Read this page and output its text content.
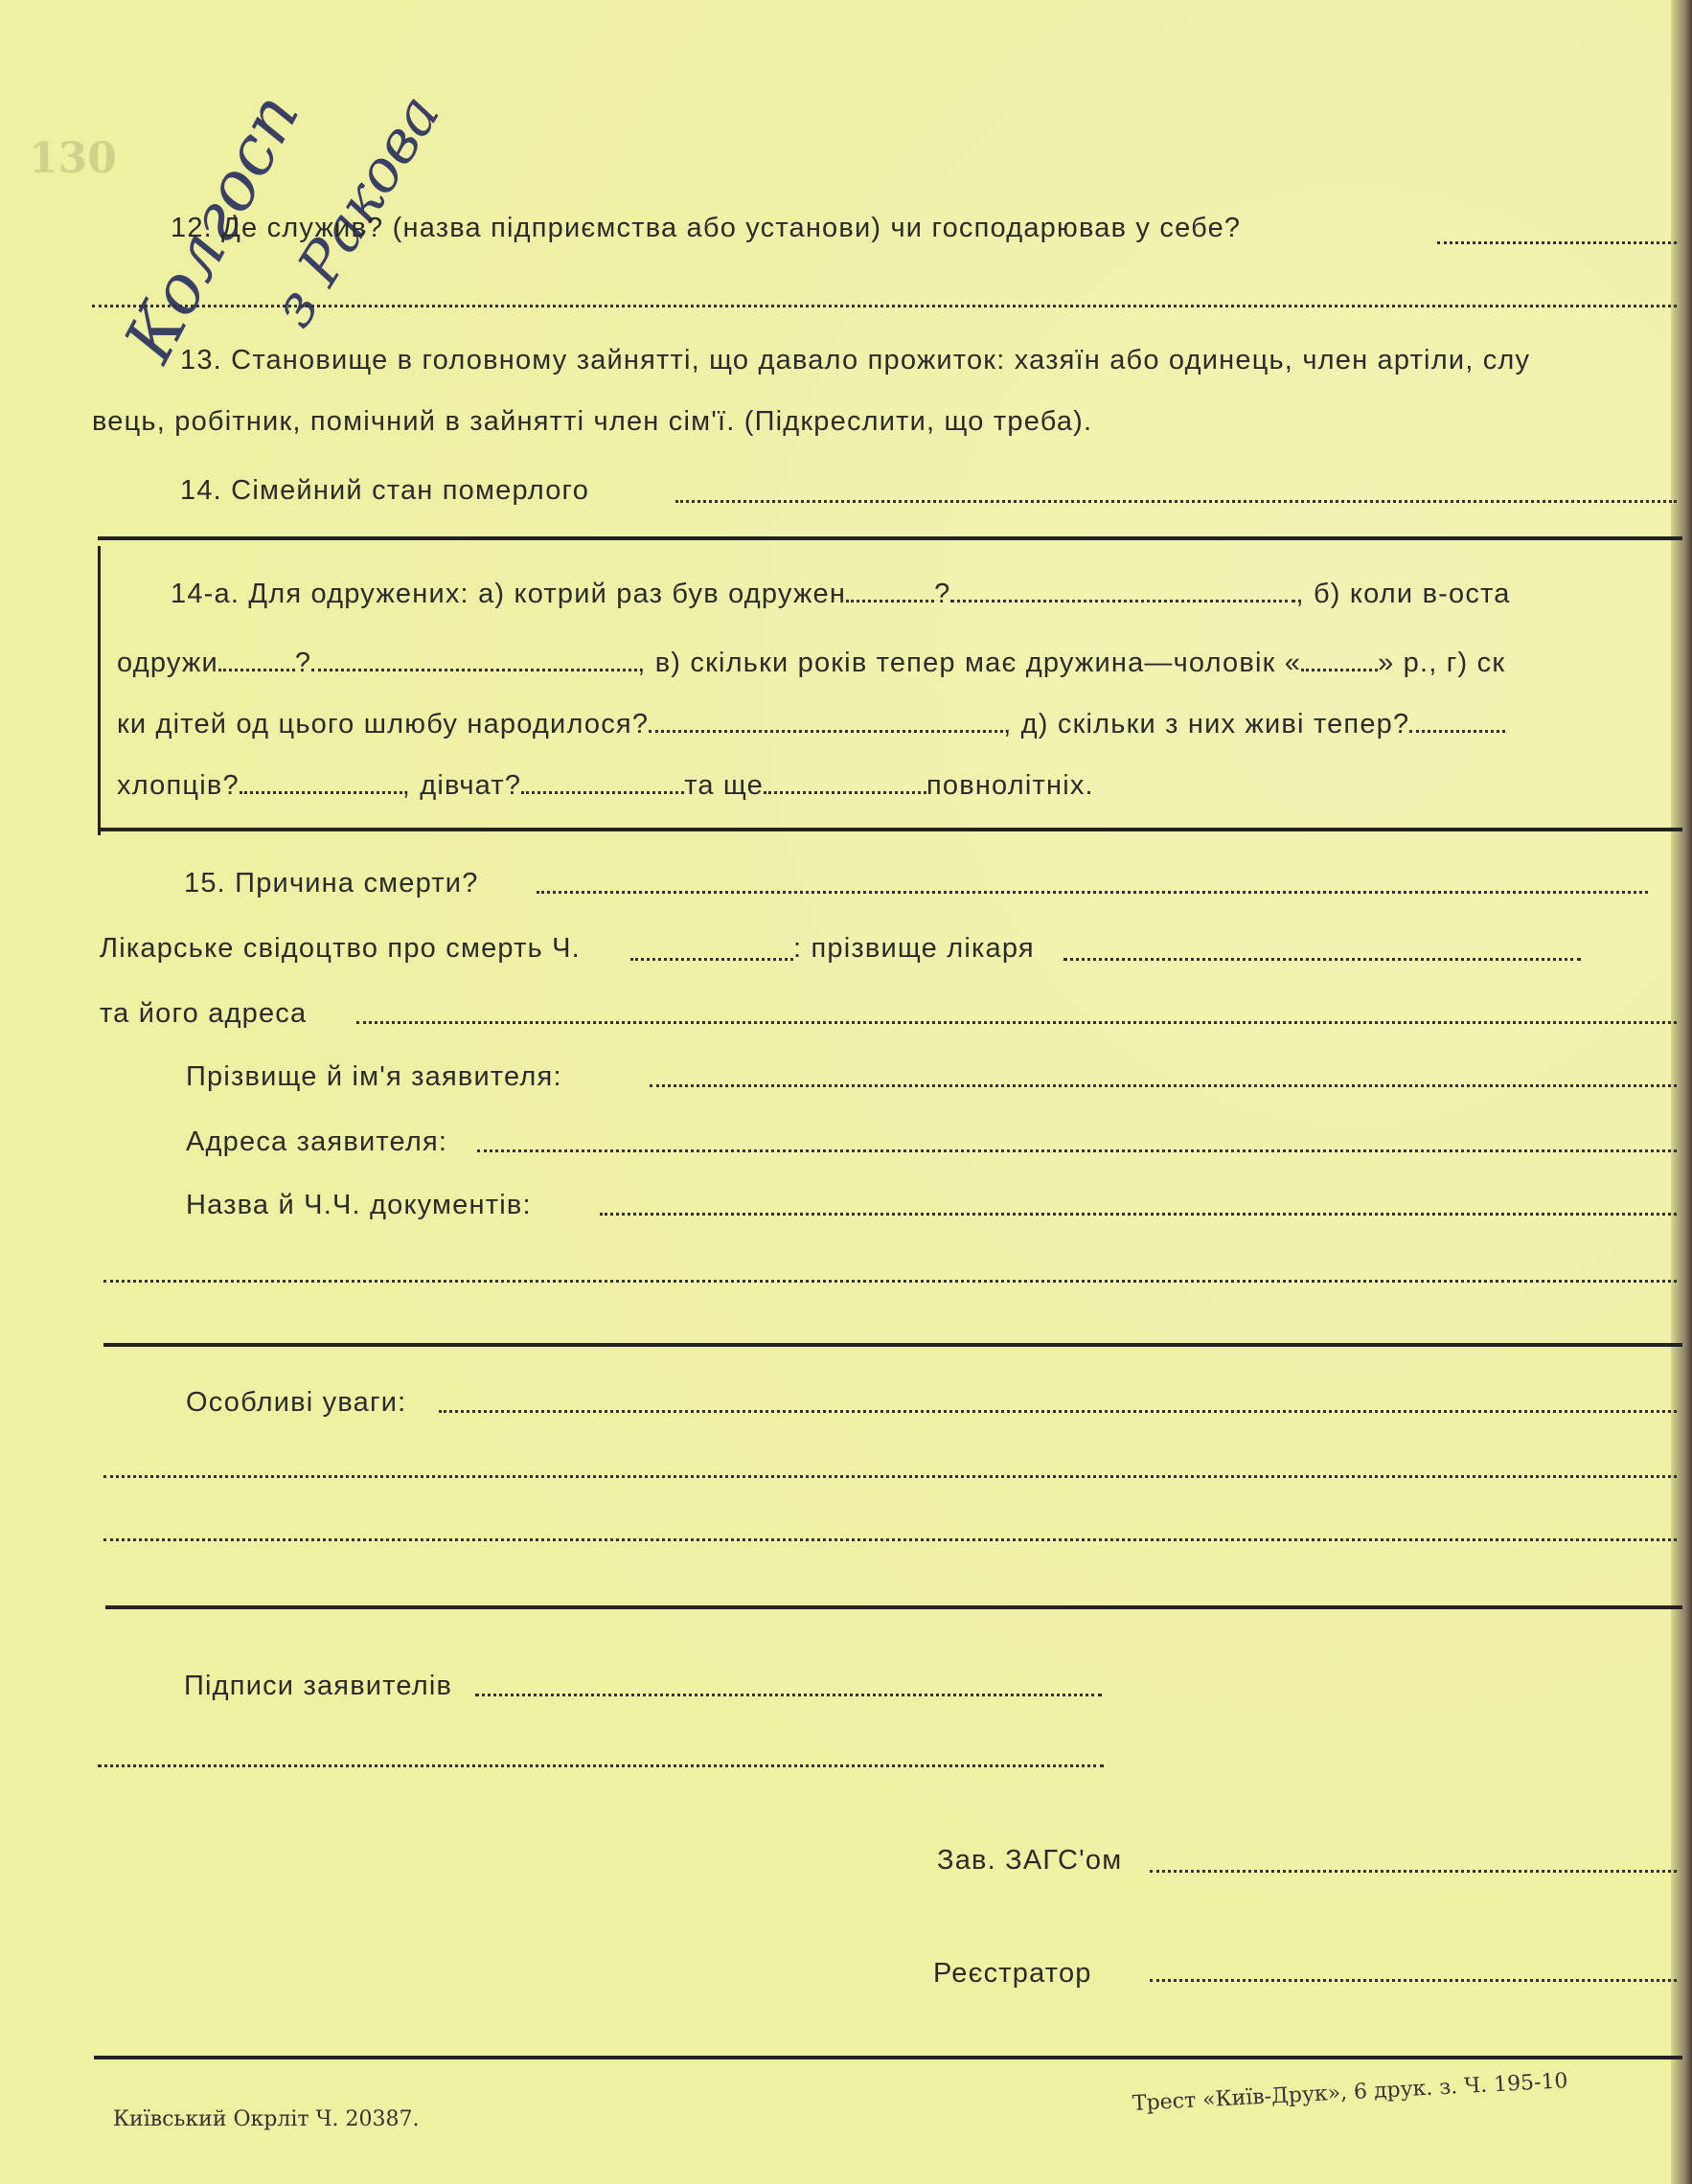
130
Колгосп
з Ракова
12. Де служив? (назва підприємства або установи) чи господарював у себе?
13. Становище в головному зайнятті, що давало прожиток: хазяїн або одинець, член артіли, слу
вець, робітник, помічний в зайнятті член сім'ї. (Підкреслити, що треба).
14. Сімейний стан померлого
14-а. Для одружених: а) котрий раз був одружен	?	, б) коли в-оста
одружи	?	, в) скільки років тепер має дружина—чоловік «	» р., г) ск
ки дітей од цього шлюбу народилося?	, д) скільки з них живі тепер?
хлопців?	, дівчат?	та ще	повнолітніх.
15. Причина смерти?
Лікарське свідоцтво про смерть Ч.	: прізвище лікаря
та його адреса
Прізвище й ім'я заявителя:
Адреса заявителя:
Назва й Ч.Ч. документів:
Особливі уваги:
Підписи заявителів
Зав. ЗАГС'ом
Реєстратор
Київський Окрліт Ч. 20387.
Трест «Київ-Друк», 6 друк. з. Ч. 195-10
